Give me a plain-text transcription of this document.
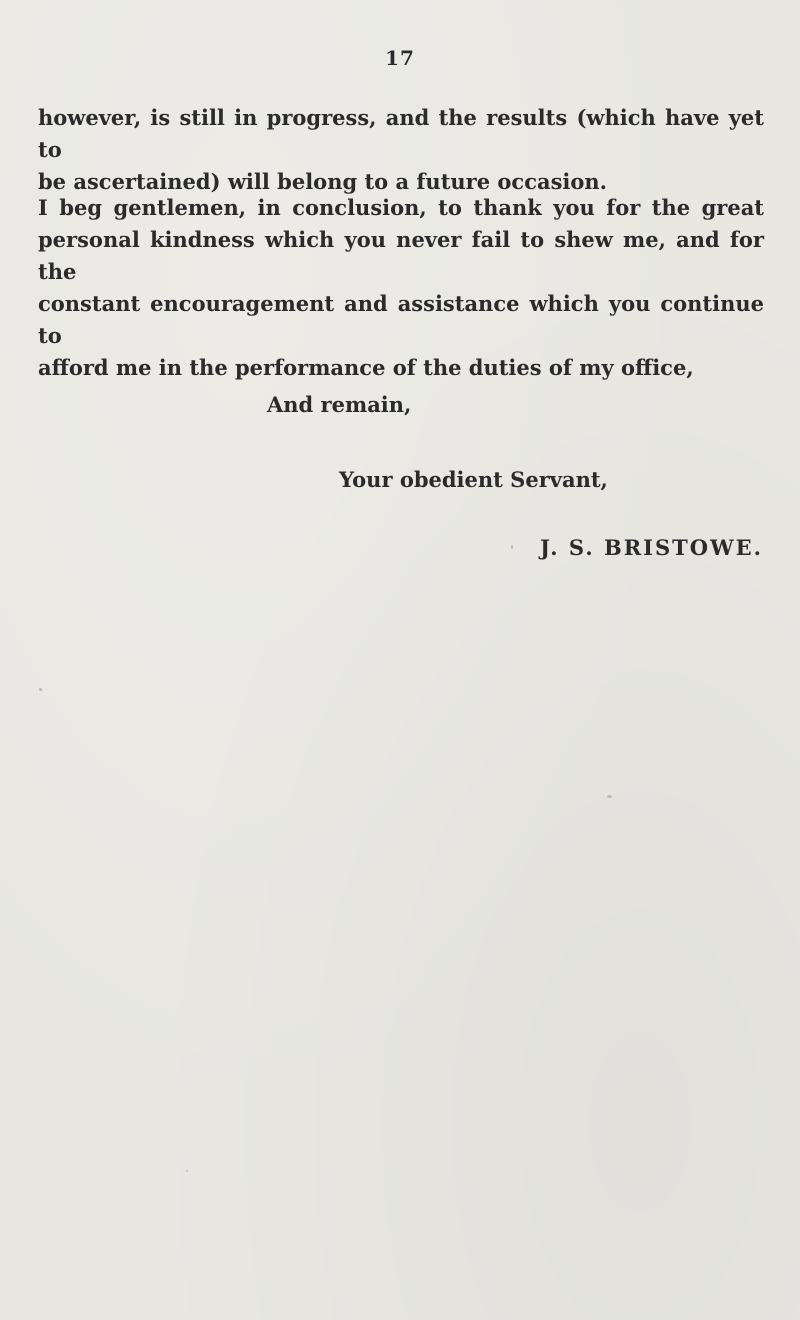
17

however, is still in progress, and the results (which have yet to
be ascertained) will belong to a future occasion.

I beg gentlemen, in conclusion, to thank you for the great
personal kindness which you never fail to shew me, and for the
constant encouragement and assistance which you continue to
afford me in the performance of the duties of my office,

And remain,
Your obedient Servant,
J. S. BRISTOWE.
